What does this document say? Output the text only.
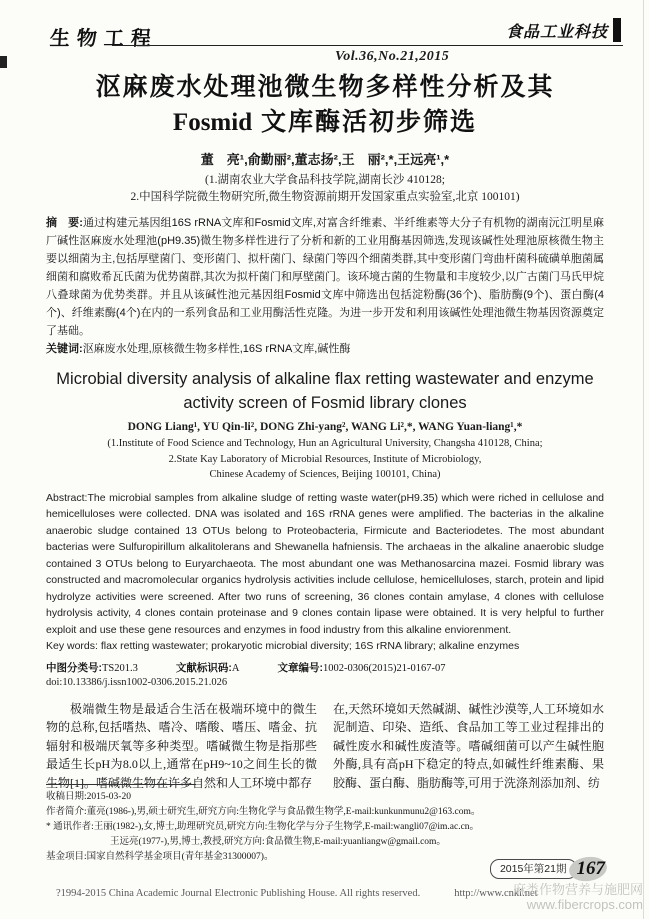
生物工程
Vol.36,No.21,2015
食品工业科技
沤麻废水处理池微生物多样性分析及其
Fosmid 文库酶活初步筛选
董　亮¹,俞勤丽²,董志扬²,王　丽²,*,王远亮¹,*
(1.湖南农业大学食品科技学院,湖南长沙 410128;
2.中国科学院微生物研究所,微生物资源前期开发国家重点实验室,北京 100101)
摘　要:通过构建元基因组16S rRNA文库和Fosmid文库,对富含纤维素、半纤维素等大分子有机物的湖南沅江明星麻厂碱性沤麻废水处理池(pH9.35)微生物多样性进行了分析和新的工业用酶基因筛选,发现该碱性处理池原核微生物主要以细菌为主,包括厚壁菌门、变形菌门、拟杆菌门、绿菌门等四个细菌类群,其中变形菌门弯曲杆菌科硫磺单胞菌属细菌和腐败希瓦氏菌为优势菌群,其次为拟杆菌门和厚壁菌门。该环境古菌的生物量和丰度较少,以广古菌门马氏甲烷八叠球菌为优势类群。并且从该碱性池元基因组Fosmid文库中筛选出包括淀粉酶(36个)、脂肪酶(9个)、蛋白酶(4个)、纤维素酶(4个)在内的一系列食品和工业用酶活性克隆。为进一步开发和利用该碱性处理池微生物基因资源奠定了基础。
关键词:沤麻废水处理,原核微生物多样性,16S rRNA文库,碱性酶
Microbial diversity analysis of alkaline flax retting wastewater and enzyme activity screen of Fosmid library clones
DONG Liang¹, YU Qin-li², DONG Zhi-yang², WANG Li²,*, WANG Yuan-liang¹,*
(1.Institute of Food Science and Technology, Hun an Agricultural University, Changsha 410128, China;
2.State Kay Laboratory of Microbial Resources, Institute of Microbiology,
Chinese Academy of Sciences, Beijing 100101, China)
Abstract:The microbial samples from alkaline sludge of retting waste water(pH9.35) which were riched in cellulose and hemicelluloses were collected. DNA was isolated and 16S rRNA genes were amplified. The bacterias in the alkaline anaerobic sludge contained 13 OTUs belong to Proteobacteria, Firmicute and Bacteriodetes. The most abundant bacterias were Sulfuropirillum alkalitolerans and Shewanella hafniensis. The archaeas in the alkaline anaerobic sludge contained 3 OTUs belong to Euryarchaeota. The most abundant one was Methanosarcina mazei. Fosmid library was constructed and macromolecular organics hydrolysis activities include cellulose, hemicelluloses, starch, protein and lipid hydrolyze activities were screened. After two runs of screening, 36 clones contain amylase, 4 clones with cellulose hydrolysis activity, 4 clones contain proteinase and 9 clones contain lipase were obtained. It is very helpful to further exploit and use these gene resources and enzymes in food industry from this alkaline enviorenment.
Key words: flax retting wastewater; prokaryotic microbial diversity; 16S rRNA library; alkaline enzymes
中图分类号:TS201.3	文献标识码:A	文章编号:1002-0306(2015)21-0167-07
doi:10.13386/j.issn1002-0306.2015.21.026
极端微生物是最适合生活在极端环境中的微生物的总称,包括嗜热、嗜冷、嗜酸、嗜压、嗜金、抗辐射和极端厌氧等多种类型。嗜碱微生物是指那些最适生长pH为8.0以上,通常在pH9~10之间生长的微生物[1]。嗜碱微生物在许多自然和人工环境中都存
在,天然环境如天然碱湖、碱性沙漠等,人工环境如水泥制造、印染、造纸、食品加工等工业过程排出的碱性废水和碱性废渣等。嗜碱细菌可以产生碱性胞外酶,具有高pH下稳定的特点,如碱性纤维素酶、果胶酶、蛋白酶、脂肪酶等,可用于洗涤剂添加剂、纺
收稿日期:2015-03-20
作者简介:董亮(1986-),男,硕士研究生,研究方向:生物化学与食品微生物学,E-mail:kunkunmunu2@163.com。
* 通讯作者:王丽(1982-),女,博士,助理研究员,研究方向:生物化学与分子生物学,E-mail:wangli07@im.ac.cn。
王远亮(1977-),男,博士,教授,研究方向:食品微生物,E-mail:yuanliangw@gmail.com。
基金项目:国家自然科学基金项目(青年基金31300007)。
2015年第21期 167
?1994-2015 China Academic Journal Electronic Publishing House. All rights reserved.	http://www.cnki.net
麻类作物营养与施肥网
www.fibercrops.com
